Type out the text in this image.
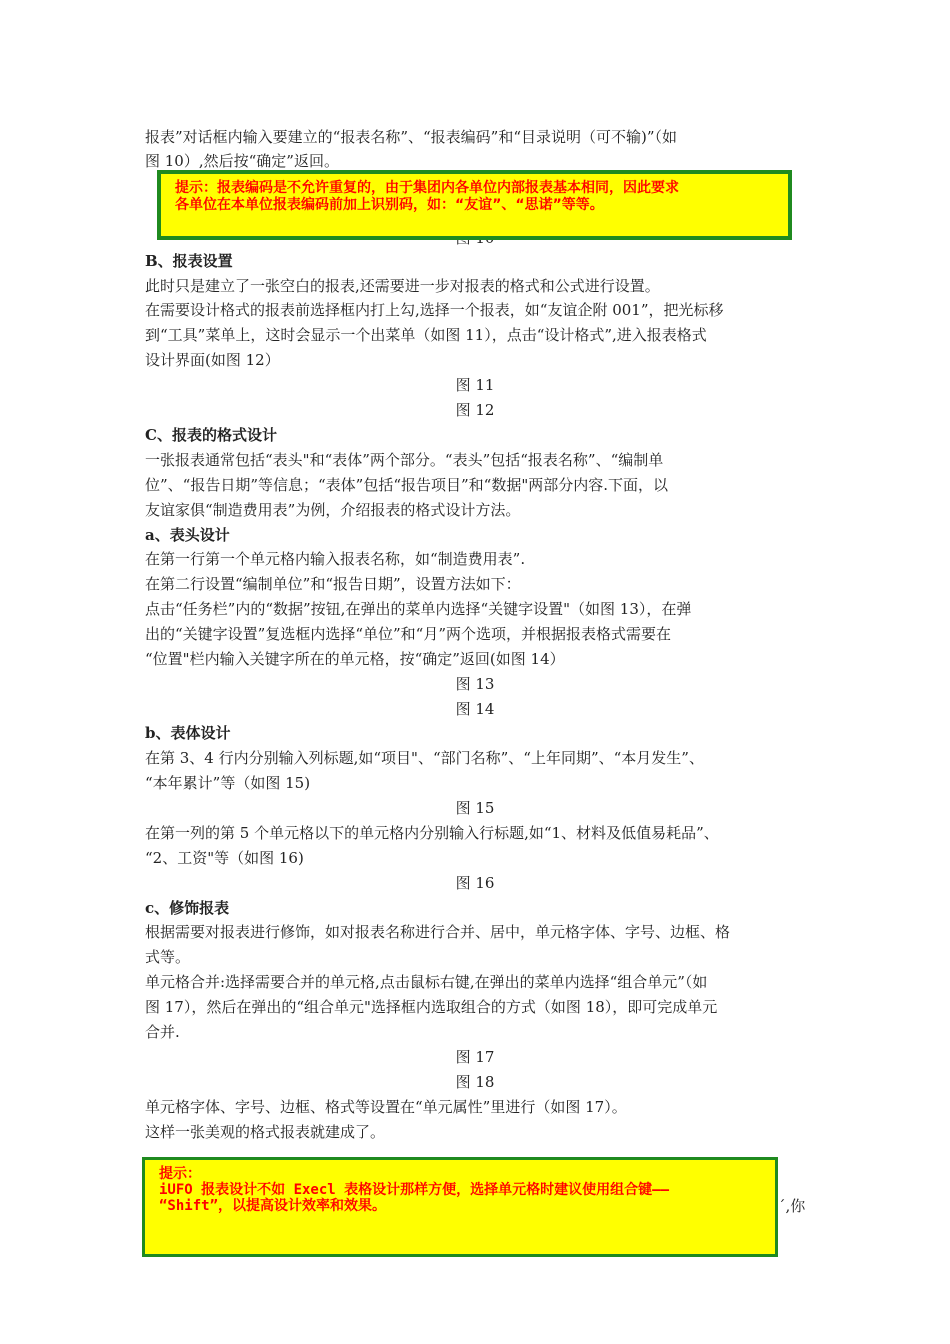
报表”对话框内输入要建立的“报表名称”、“报表编码”和“目录说明（可不输)”（如
图 10）,然后按“确定”返回。
提示：报表编码是不允许重复的，由于集团内各单位内部报表基本相同，因此要求
各单位在本单位报表编码前加上识别码，如：“友谊”、“思诺”等等。
B、报表设置
此时只是建立了一张空白的报表,还需要进一步对报表的格式和公式进行设置。
在需要设计格式的报表前选择框内打上勾,选择一个报表，如“友谊企附 001”，把光标移
到“工具”菜单上，这时会显示一个出菜单（如图 11），点击“设计格式”,进入报表格式
设计界面(如图 12）
图 11
图 12
C、报表的格式设计
一张报表通常包括“表头"和“表体”两个部分。“表头”包括“报表名称”、“编制单
位”、“报告日期”等信息；“表体”包括“报告项目”和“数据"两部分内容.下面，以
友谊家俱“制造费用表”为例，介绍报表的格式设计方法。
a、表头设计
在第一行第一个单元格内输入报表名称，如“制造费用表”.
在第二行设置“编制单位”和“报告日期”，设置方法如下：
点击“任务栏”内的“数据”按钮,在弹出的菜单内选择“关键字设置"（如图 13），在弹
出的“关键字设置”复选框内选择“单位”和“月”两个选项，并根据报表格式需要在
“位置"栏内输入关键字所在的单元格，按“确定”返回(如图 14）
图 13
图 14
b、表体设计
在第 3、4 行内分别输入列标题,如“项目"、“部门名称”、“上年同期”、“本月发生”、
“本年累计”等（如图 15)
图 15
在第一列的第 5 个单元格以下的单元格内分别输入行标题,如“1、材料及低值易耗品”、
“2、工资"等（如图 16)
图 16
c、修饰报表
根据需要对报表进行修饰，如对报表名称进行合并、居中，单元格字体、字号、边框、格
式等。
单元格合并:选择需要合并的单元格,点击鼠标右键,在弹出的菜单内选择“组合单元”（如
图 17），然后在弹出的“组合单元"选择框内选取组合的方式（如图 18），即可完成单元
合并.
图 17
图 18
单元格字体、字号、边框、格式等设置在“单元属性”里进行（如图 17）。
这样一张美观的格式报表就建成了。
提示：
iUFO 报表设计不如 Execl 表格设计那样方便，选择单元格时建议使用组合键——
“Shift”，以提高设计效率和效果。	´,你
